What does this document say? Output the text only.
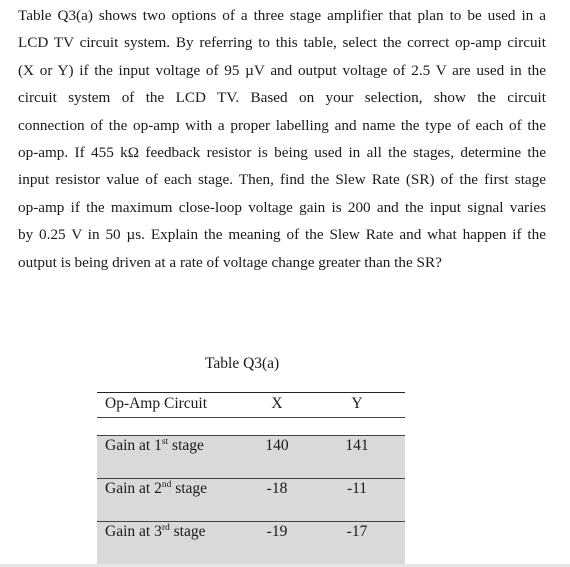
Table Q3(a) shows two options of a three stage amplifier that plan to be used in a
LCD TV circuit system. By referring to this table, select the correct op-amp circuit
(X or Y) if the input voltage of 95 µV and output voltage of 2.5 V are used in the
circuit system of the LCD TV. Based on your selection, show the circuit
connection of the op-amp with a proper labelling and name the type of each of the
op-amp. If 455 kΩ feedback resistor is being used in all the stages, determine the
input resistor value of each stage. Then, find the Slew Rate (SR) of the first stage
op-amp if the maximum close-loop voltage gain is 200 and the input signal varies
by 0.25 V in 50 µs. Explain the meaning of the Slew Rate and what happen if the
output is being driven at a rate of voltage change greater than the SR?
Table Q3(a)
Op-Amp Circuit	X	Y
Gain at 1st stage	140	141
Gain at 2nd stage	-18	-11
Gain at 3rd stage	-19	-17
